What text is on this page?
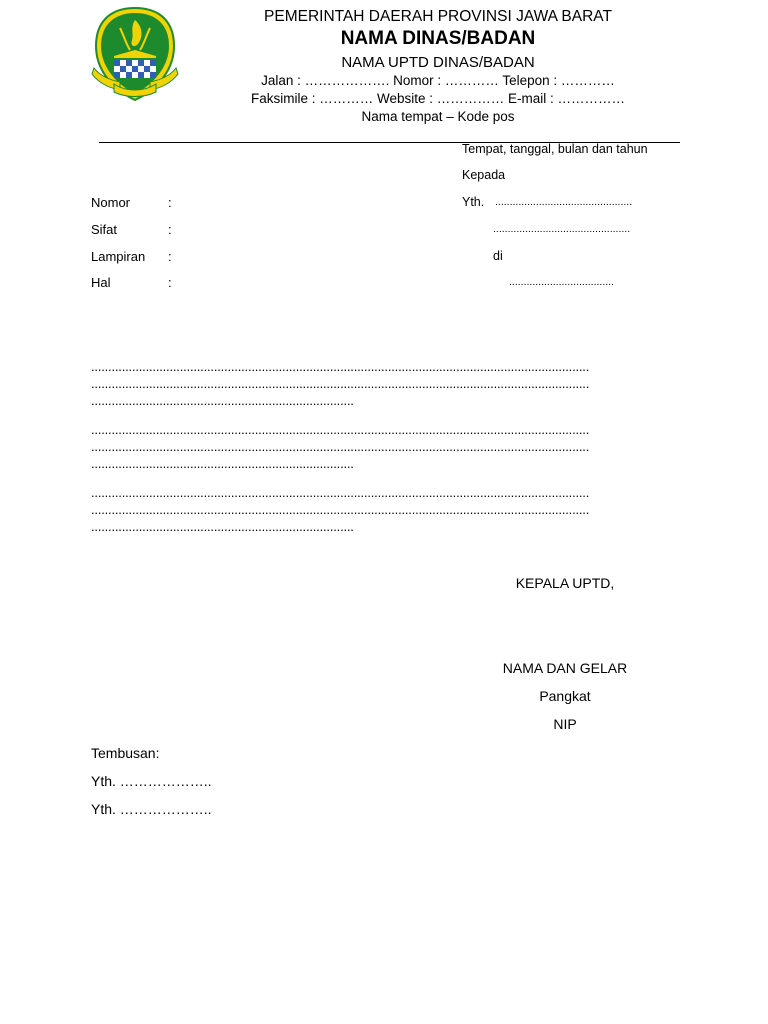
PEMERINTAH DAERAH PROVINSI JAWA BARAT
NAMA DINAS/BADAN
NAMA UPTD DINAS/BADAN
Jalan : ………………. Nomor : ………… Telepon : …………
Faksimile : ………… Website : …………… E-mail : ……………
Nama tempat – Kode pos
Tempat, tanggal, bulan dan tahun
Kepada
Yth. ...............................................
...............................................
di
....................................
Nomor	:
Sifat	:
Lampiran :
Hal	:
..................................................................................................................................................
..................................................................................................................................................
.............................................................................
..................................................................................................................................................
..................................................................................................................................................
.............................................................................
..................................................................................................................................................
..................................................................................................................................................
.............................................................................
KEPALA UPTD,
NAMA DAN GELAR
Pangkat
NIP
Tembusan:
Yth. ………………..
Yth. ………………..
